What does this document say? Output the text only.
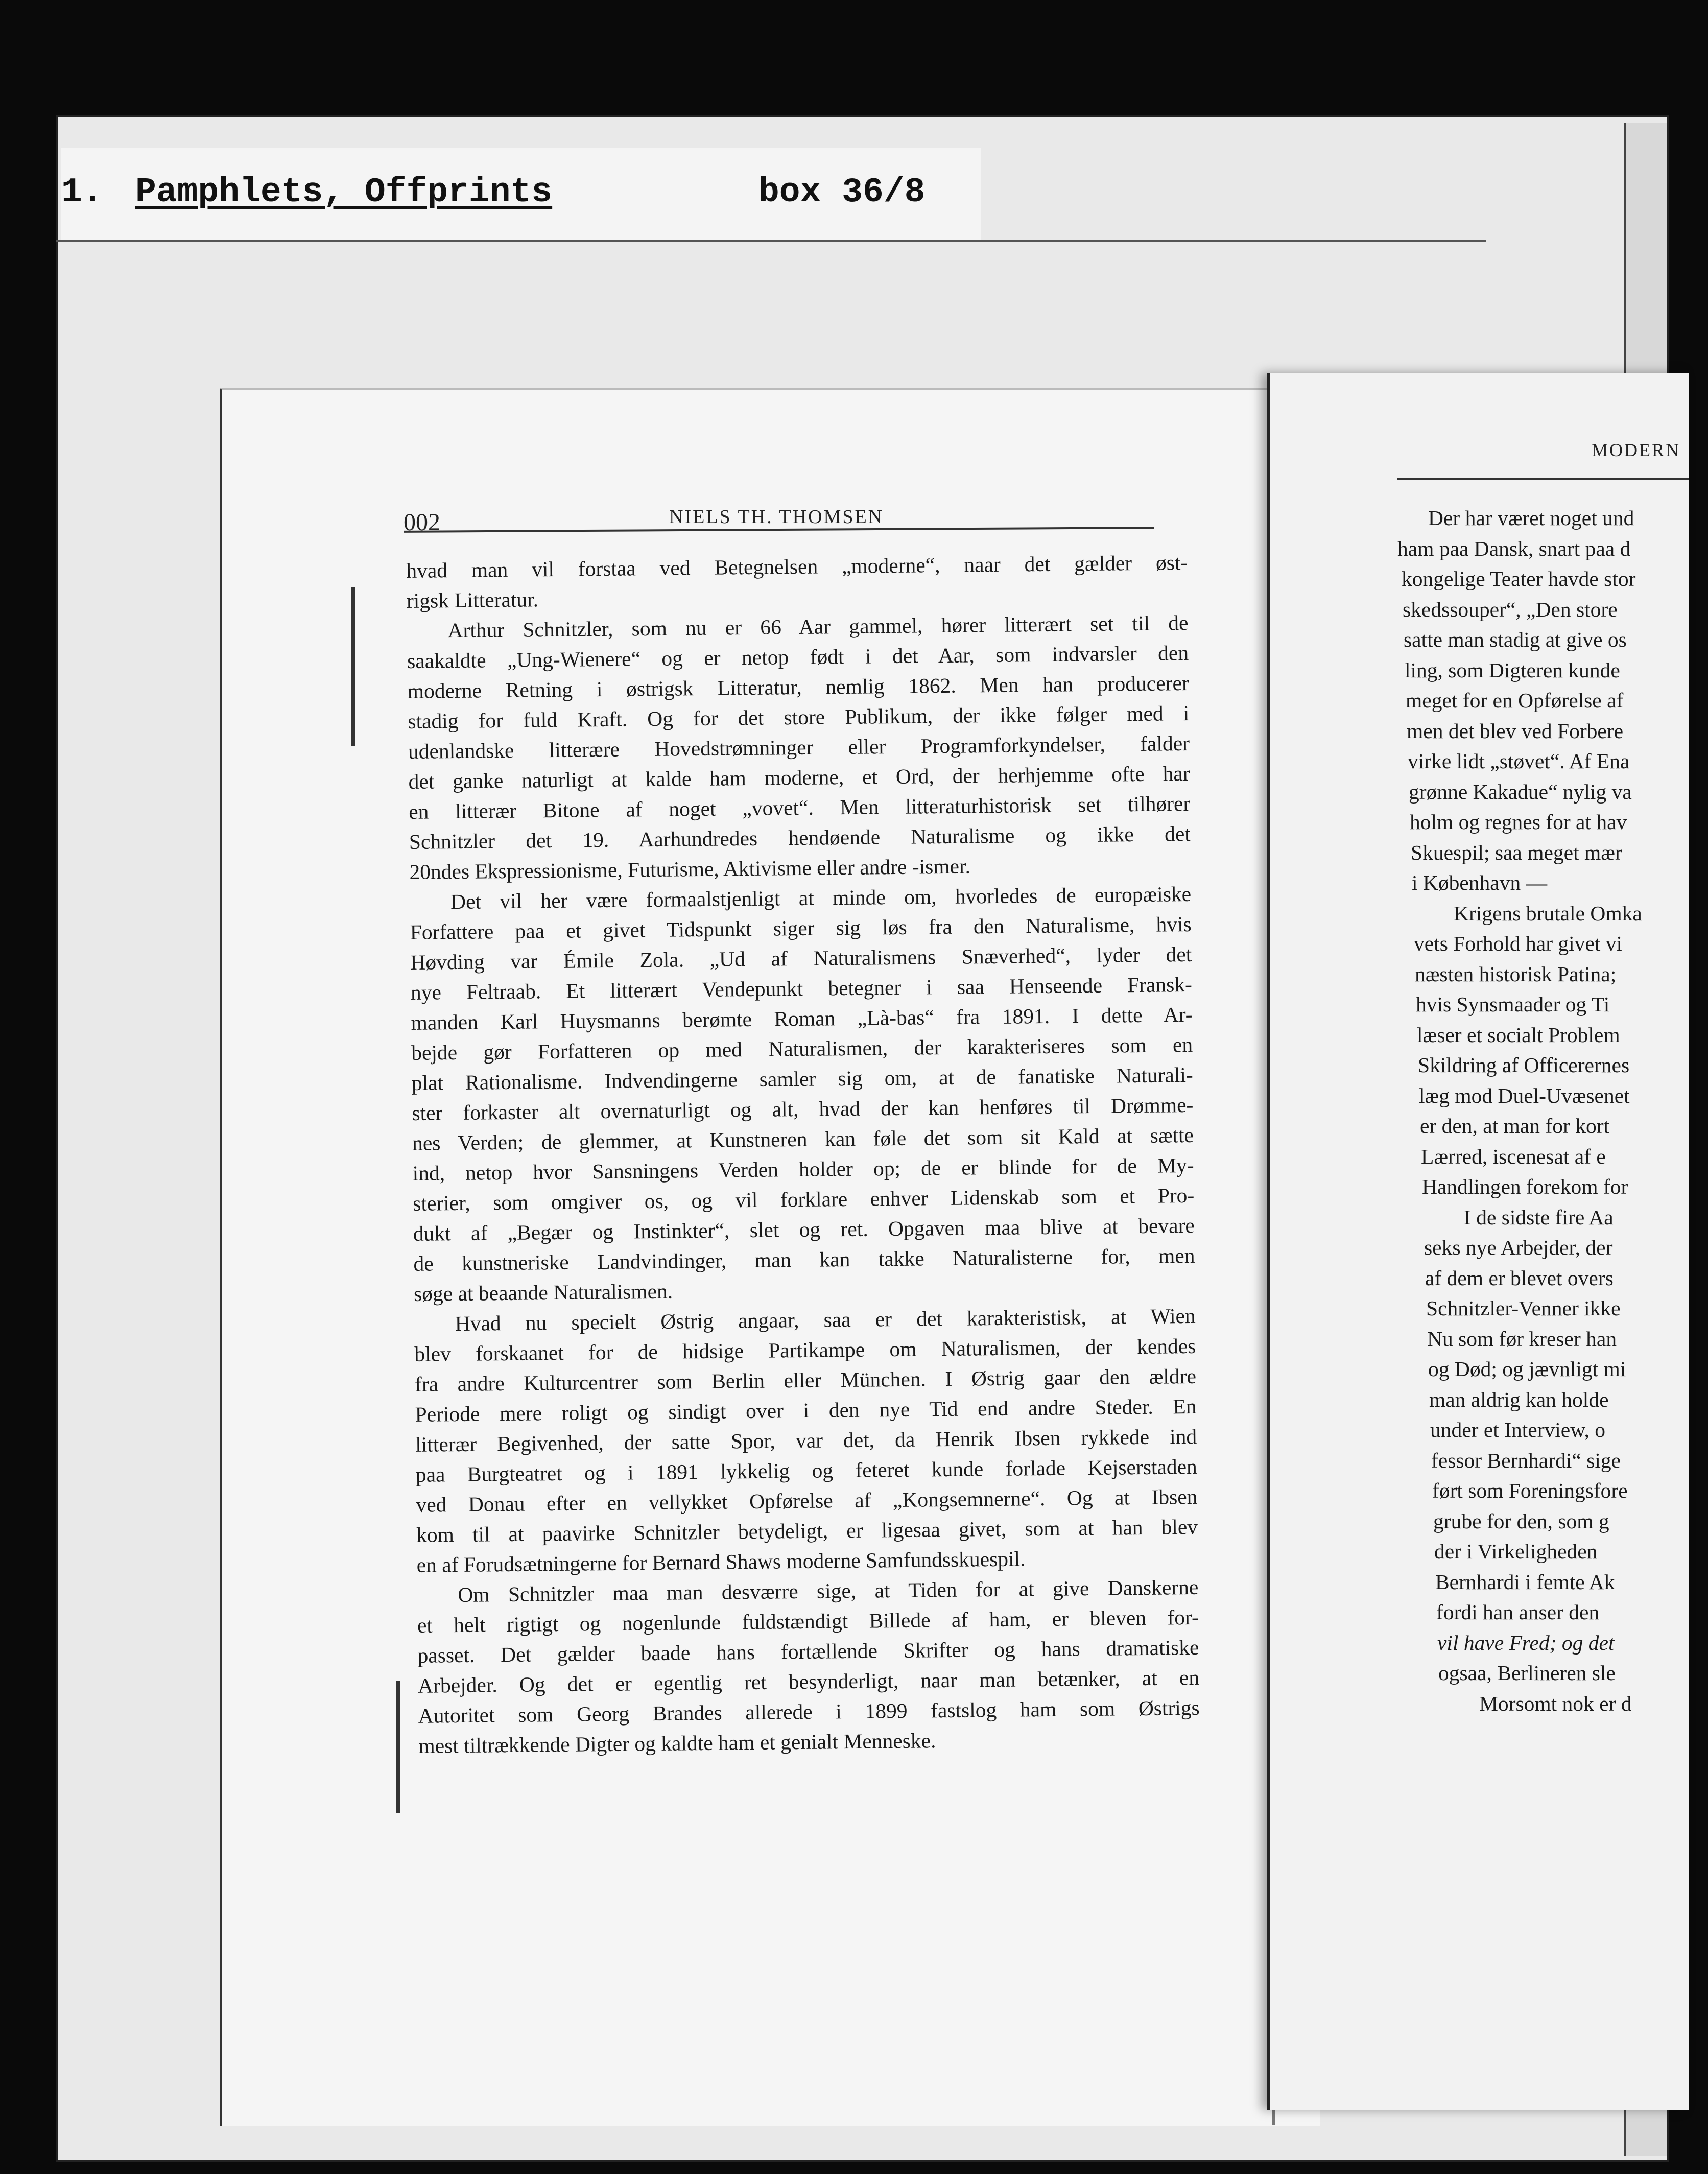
1. Pamphlets, Offprints	box 36/8
002	NIELS TH. THOMSEN
hvad man vil forstaa ved Betegnelsen „moderne“, naar det gælder øst-
rigsk Litteratur.
Arthur Schnitzler, som nu er 66 Aar gammel, hører litterært set til de
saakaldte „Ung-Wienere“ og er netop født i det Aar, som indvarsler den
moderne Retning i østrigsk Litteratur, nemlig 1862. Men han producerer
stadig for fuld Kraft. Og for det store Publikum, der ikke følger med i
udenlandske litterære Hovedstrømninger eller Programforkyndelser, falder
det ganke naturligt at kalde ham moderne, et Ord, der herhjemme ofte har
en litterær Bitone af noget „vovet“. Men litteraturhistorisk set tilhører
Schnitzler det 19. Aarhundredes hendøende Naturalisme og ikke det
20ndes Ekspressionisme, Futurisme, Aktivisme eller andre -ismer.
Det vil her være formaalstjenligt at minde om, hvorledes de europæiske
Forfattere paa et givet Tidspunkt siger sig løs fra den Naturalisme, hvis
Høvding var Émile Zola. „Ud af Naturalismens Snæverhed“, lyder det
nye Feltraab. Et litterært Vendepunkt betegner i saa Henseende Fransk-
manden Karl Huysmanns berømte Roman „Là-bas“ fra 1891. I dette Ar-
bejde gør Forfatteren op med Naturalismen, der karakteriseres som en
plat Rationalisme. Indvendingerne samler sig om, at de fanatiske Naturali-
ster forkaster alt overnaturligt og alt, hvad der kan henføres til Drømme-
nes Verden; de glemmer, at Kunstneren kan føle det som sit Kald at sætte
ind, netop hvor Sansningens Verden holder op; de er blinde for de My-
sterier, som omgiver os, og vil forklare enhver Lidenskab som et Pro-
dukt af „Begær og Instinkter“, slet og ret. Opgaven maa blive at bevare
de kunstneriske Landvindinger, man kan takke Naturalisterne for, men
søge at beaande Naturalismen.
Hvad nu specielt Østrig angaar, saa er det karakteristisk, at Wien
blev forskaanet for de hidsige Partikampe om Naturalismen, der kendes
fra andre Kulturcentrer som Berlin eller München. I Østrig gaar den ældre
Periode mere roligt og sindigt over i den nye Tid end andre Steder. En
litterær Begivenhed, der satte Spor, var det, da Henrik Ibsen rykkede ind
paa Burgteatret og i 1891 lykkelig og feteret kunde forlade Kejserstaden
ved Donau efter en vellykket Opførelse af „Kongsemnerne“. Og at Ibsen
kom til at paavirke Schnitzler betydeligt, er ligesaa givet, som at han blev
en af Forudsætningerne for Bernard Shaws moderne Samfundsskuespil.
Om Schnitzler maa man desværre sige, at Tiden for at give Danskerne
et helt rigtigt og nogenlunde fuldstændigt Billede af ham, er bleven for-
passet. Det gælder baade hans fortællende Skrifter og hans dramatiske
Arbejder. Og det er egentlig ret besynderligt, naar man betænker, at en
Autoritet som Georg Brandes allerede i 1899 fastslog ham som Østrigs
mest tiltrækkende Digter og kaldte ham et genialt Menneske.
MODERN
Der har været noget und
ham paa Dansk, snart paa d
kongelige Teater havde stor
skedssouper“, „Den store
satte man stadig at give os
ling, som Digteren kunde
meget for en Opførelse af
men det blev ved Forbere
virke lidt „støvet“. Af Ena
grønne Kakadue“ nylig va
holm og regnes for at hav
Skuespil; saa meget mær
i København —
Krigens brutale Omka
vets Forhold har givet vi
næsten historisk Patina;
hvis Synsmaader og Ti
læser et socialt Problem
Skildring af Officerernes
læg mod Duel-Uvæsenet
er den, at man for kort
Lærred, iscenesat af e
Handlingen forekom for
I de sidste fire Aa
seks nye Arbejder, der
af dem er blevet overs
Schnitzler-Venner ikke
Nu som før kreser han
og Død; og jævnligt mi
man aldrig kan holde
under et Interview, o
fessor Bernhardi“ sige
ført som Foreningsfore
grube for den, som g
der i Virkeligheden
Bernhardi i femte Ak
fordi han anser den
vil have Fred; og det
ogsaa, Berlineren sle
Morsomt nok er d
